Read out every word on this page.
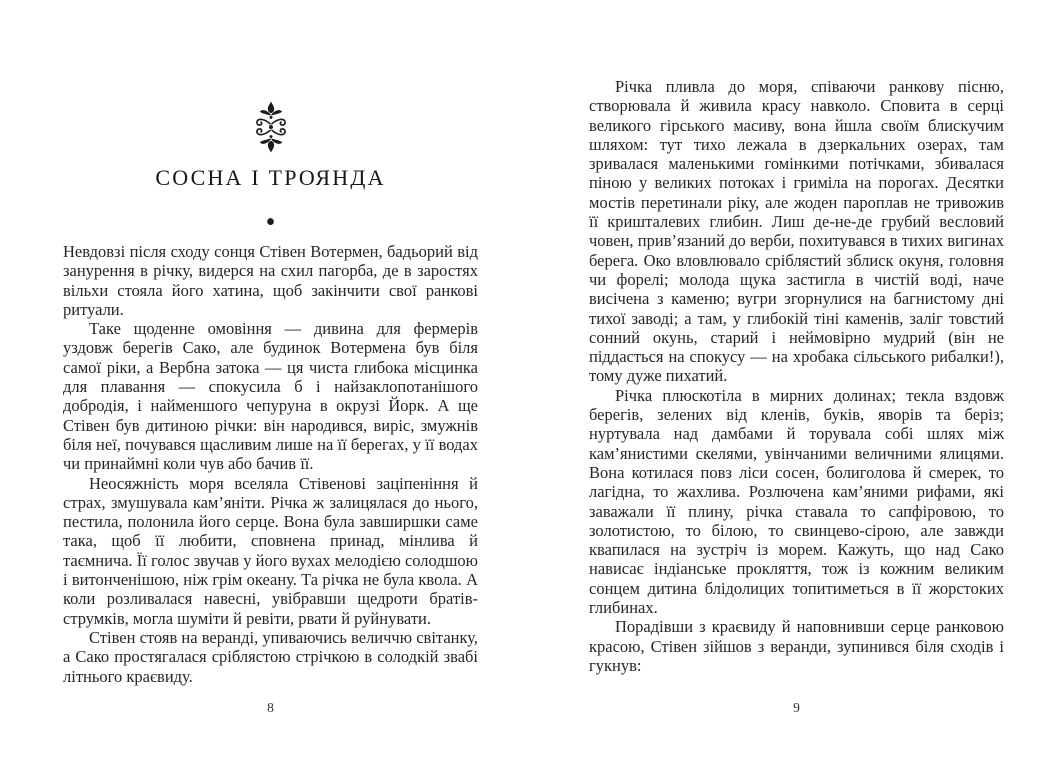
СОСНА І ТРОЯНДА
•

Невдовзі після сходу сонця Стівен Вотермен, бадьорий від занурення в річку, видерся на схил пагорба, де в заростях вільхи стояла його хатина, щоб закінчити свої ранкові ритуали.

Таке щоденне омовіння — дивина для фермерів уздовж берегів Сако, але будинок Вотермена був біля самої ріки, а Вербна затока — ця чиста глибока місцинка для плавання — спокусила б і найзаклопотанішого добродія, і найменшого чепуруна в окрузі Йорк. А ще Стівен був дитиною річки: він народився, виріс, змужнів біля неї, почувався щасливим лише на її берегах, у її водах чи принаймні коли чув або бачив її.

Неосяжність моря вселяла Стівенові заціпеніння й страх, змушувала кам’яніти. Річка ж залицялася до нього, пестила, полонила його серце. Вона була завширшки саме така, щоб її любити, сповнена принад, мінлива й таємнича. Її голос звучав у його вухах мелодією солодшою і витонченішою, ніж грім океану. Та річка не була квола. А коли розливалася навесні, увібравши щедроти братів-струмків, могла шуміти й ревіти, рвати й руйнувати.

Стівен стояв на веранді, упиваючись величчю світанку, а Сако простягалася сріблястою стрічкою в солодкій звабі літнього краєвиду.

8

Річка пливла до моря, співаючи ранкову пісню, створювала й живила красу навколо. Сповита в серці великого гірського масиву, вона йшла своїм блискучим шляхом: тут тихо лежала в дзеркальних озерах, там зривалася маленькими гомінкими потічками, збивалася піною у великих потоках і гриміла на порогах. Десятки мостів перетинали ріку, але жоден пароплав не тривожив її кришталевих глибин. Лиш де-не-де грубий весловий човен, прив’язаний до верби, похитувався в тихих вигинах берега. Око вловлювало сріблястий зблиск окуня, головня чи форелі; молода щука застигла в чистій воді, наче висічена з каменю; вугри згорнулися на багнистому дні тихої заводі; а там, у глибокій тіні каменів, заліг товстий сонний окунь, старий і неймовірно мудрий (він не піддасться на спокусу — на хробака сільського рибалки!), тому дуже пихатий.

Річка плюскотіла в мирних долинах; текла вздовж берегів, зелених від кленів, буків, яворів та беріз; нуртувала над дамбами й торувала собі шлях між кам’янистими скелями, увінчаними величними ялицями. Вона котилася повз ліси сосен, болиголова й смерек, то лагідна, то жахлива. Розлючена кам’яними рифами, які заважали її плину, річка ставала то сапфіровою, то золотистою, то білою, то свинцево-сірою, але завжди квапилася на зустріч із морем. Кажуть, що над Сако нависає індіанське прокляття, тож із кожним великим сонцем дитина блідолицих топитиметься в її жорстоких глибинах.

Порадівши з краєвиду й наповнивши серце ранковою красою, Стівен зійшов з веранди, зупинився біля сходів і гукнув:

9
